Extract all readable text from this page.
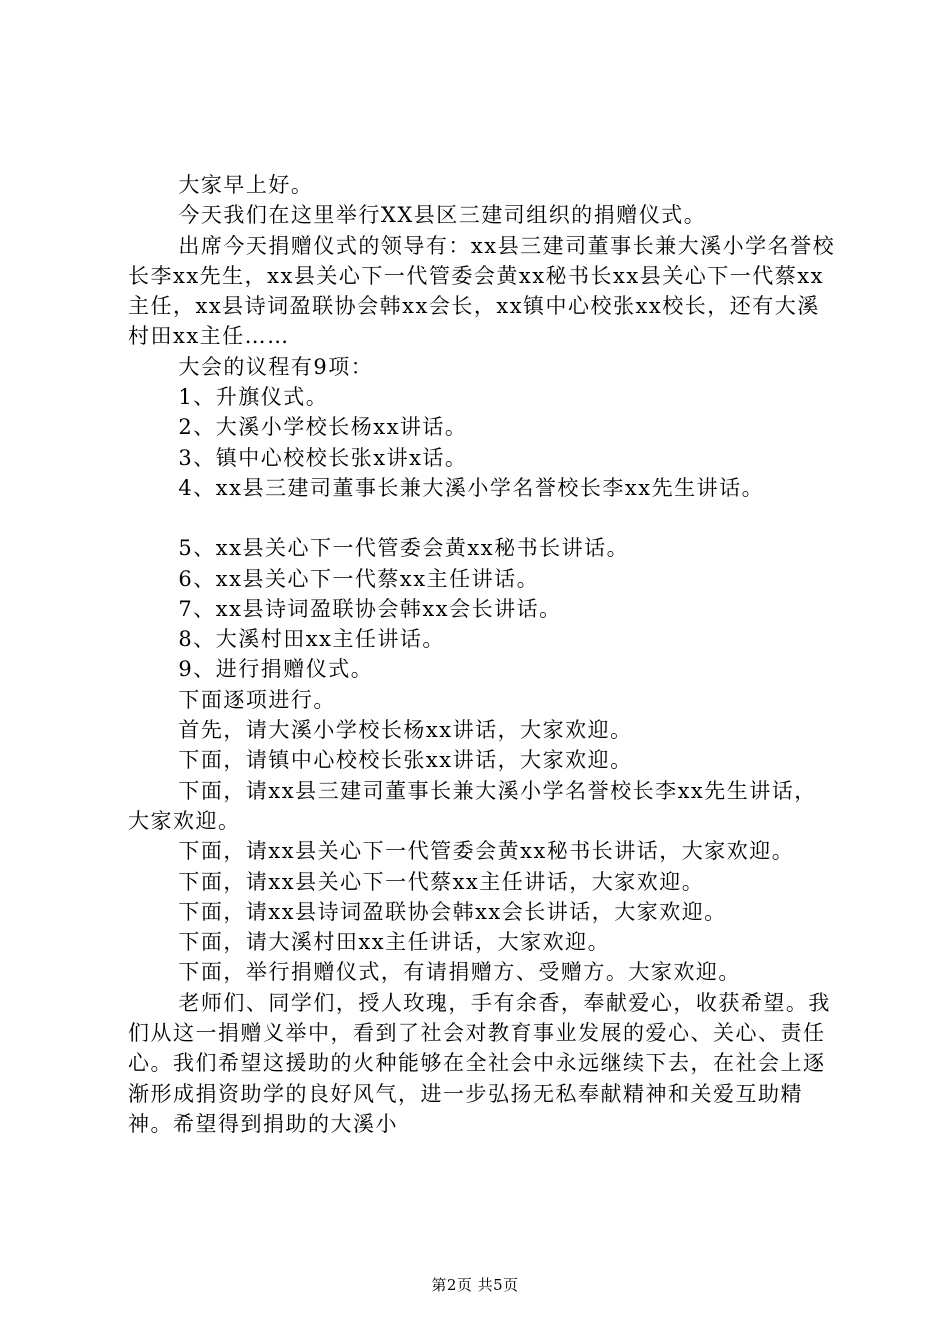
大家早上好。

今天我们在这里举行XX县区三建司组织的捐赠仪式。

出席今天捐赠仪式的领导有：xx县三建司董事长兼大溪小学名誉校长李xx先生，xx县关心下一代管委会黄xx秘书长xx县关心下一代蔡xx主任，xx县诗词盈联协会韩xx会长，xx镇中心校张xx校长，还有大溪村田xx主任……

大会的议程有9项：

1、升旗仪式。

2、大溪小学校长杨xx讲话。

3、镇中心校校长张x讲x话。

4、xx县三建司董事长兼大溪小学名誉校长李xx先生讲话。

5、xx县关心下一代管委会黄xx秘书长讲话。

6、xx县关心下一代蔡xx主任讲话。

7、xx县诗词盈联协会韩xx会长讲话。

8、大溪村田xx主任讲话。

9、进行捐赠仪式。

下面逐项进行。

首先，请大溪小学校长杨xx讲话，大家欢迎。

下面，请镇中心校校长张xx讲话，大家欢迎。

下面，请xx县三建司董事长兼大溪小学名誉校长李xx先生讲话，大家欢迎。

下面，请xx县关心下一代管委会黄xx秘书长讲话，大家欢迎。

下面，请xx县关心下一代蔡xx主任讲话，大家欢迎。

下面，请xx县诗词盈联协会韩xx会长讲话，大家欢迎。

下面，请大溪村田xx主任讲话，大家欢迎。

下面，举行捐赠仪式，有请捐赠方、受赠方。大家欢迎。

老师们、同学们，授人玫瑰，手有余香，奉献爱心，收获希望。我们从这一捐赠义举中，看到了社会对教育事业发展的爱心、关心、责任心。我们希望这援助的火种能够在全社会中永远继续下去，在社会上逐渐形成捐资助学的良好风气，进一步弘扬无私奉献精神和关爱互助精神。希望得到捐助的大溪小

第2页 共5页
